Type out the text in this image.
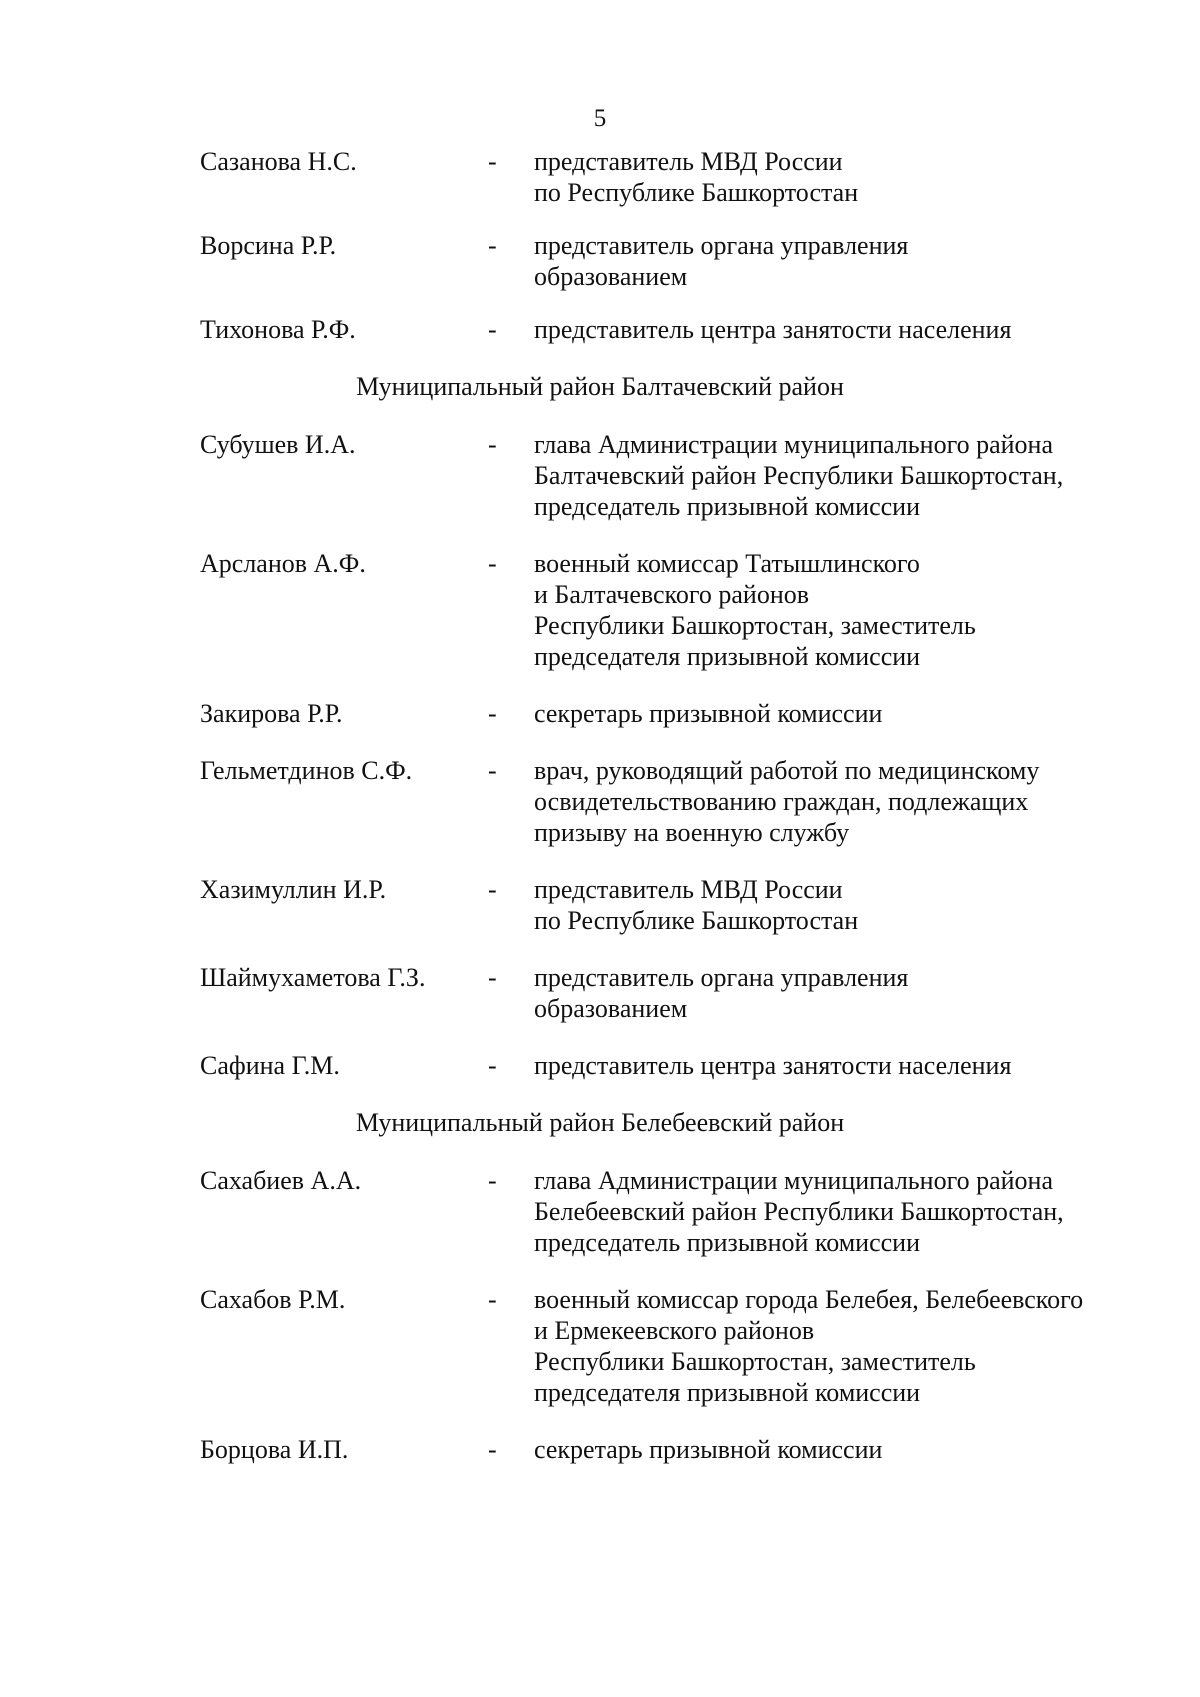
5
Сазанова Н.С.	- представитель МВД России
по Республике Башкортостан
Ворсина Р.Р.	- представитель органа управления
образованием
Тихонова Р.Ф.	- представитель центра занятости населения
Муниципальный район Балтачевский район
Субушев И.А.	- глава Администрации муниципального района
Балтачевский район Республики Башкортостан,
председатель призывной комиссии
Арсланов А.Ф.	- военный комиссар Татышлинского
и Балтачевского районов
Республики Башкортостан, заместитель
председателя призывной комиссии
Закирова Р.Р.	- секретарь призывной комиссии
Гельметдинов С.Ф.	- врач, руководящий работой по медицинскому
освидетельствованию граждан, подлежащих
призыву на военную службу
Хазимуллин И.Р.	- представитель МВД России
по Республике Башкортостан
Шаймухаметова Г.З. - представитель органа управления
образованием
Сафина Г.М.	- представитель центра занятости населения
Муниципальный район Белебеевский район
Сахабиев А.А.	- глава Администрации муниципального района
Белебеевский район Республики Башкортостан,
председатель призывной комиссии
Сахабов Р.М.	- военный комиссар города Белебея, Белебеевского
и Ермекеевского районов
Республики Башкортостан, заместитель
председателя призывной комиссии
Борцова И.П.	- секретарь призывной комиссии
